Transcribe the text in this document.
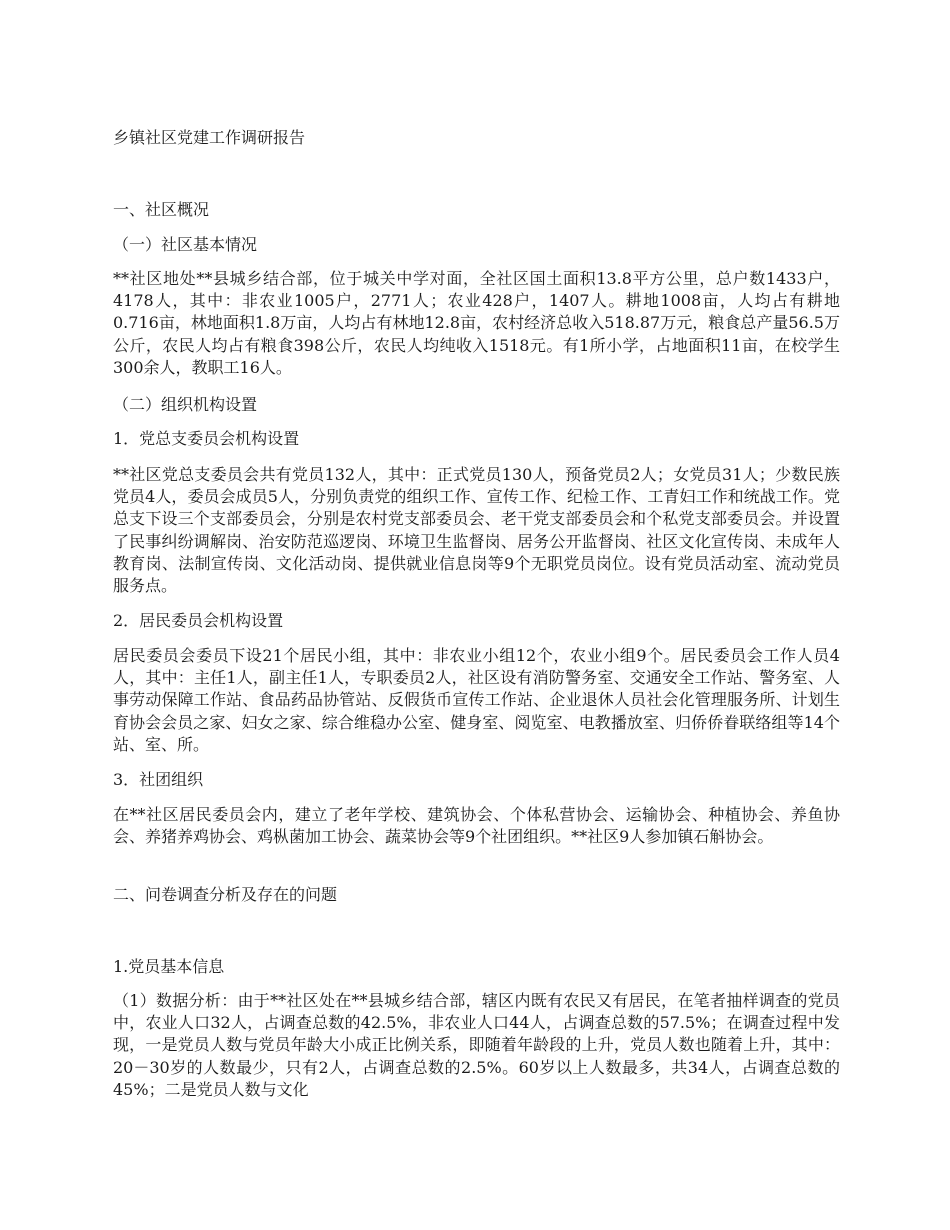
乡镇社区党建工作调研报告
一、社区概况
（一）社区基本情况
**社区地处**县城乡结合部，位于城关中学对面，全社区国土面积13.8平方公里，总户数1433户，4178人，其中：非农业1005户，2771人；农业428户，1407人。耕地1008亩，人均占有耕地0.716亩，林地面积1.8万亩，人均占有林地12.8亩，农村经济总收入518.87万元，粮食总产量56.5万公斤，农民人均占有粮食398公斤，农民人均纯收入1518元。有1所小学，占地面积11亩，在校学生300余人，教职工16人。
（二）组织机构设置
1．党总支委员会机构设置
**社区党总支委员会共有党员132人，其中：正式党员130人，预备党员2人；女党员31人；少数民族党员4人，委员会成员5人，分别负责党的组织工作、宣传工作、纪检工作、工青妇工作和统战工作。党总支下设三个支部委员会，分别是农村党支部委员会、老干党支部委员会和个私党支部委员会。并设置了民事纠纷调解岗、治安防范巡逻岗、环境卫生监督岗、居务公开监督岗、社区文化宣传岗、未成年人教育岗、法制宣传岗、文化活动岗、提供就业信息岗等9个无职党员岗位。设有党员活动室、流动党员服务点。
2．居民委员会机构设置
居民委员会委员下设21个居民小组，其中：非农业小组12个，农业小组9个。居民委员会工作人员4人，其中：主任1人，副主任1人，专职委员2人，社区设有消防警务室、交通安全工作站、警务室、人事劳动保障工作站、食品药品协管站、反假货币宣传工作站、企业退休人员社会化管理服务所、计划生育协会会员之家、妇女之家、综合维稳办公室、健身室、阅览室、电教播放室、归侨侨眷联络组等14个站、室、所。
3．社团组织
在**社区居民委员会内，建立了老年学校、建筑协会、个体私营协会、运输协会、种植协会、养鱼协会、养猪养鸡协会、鸡枞菌加工协会、蔬菜协会等9个社团组织。**社区9人参加镇石斛协会。
二、问卷调查分析及存在的问题
1.党员基本信息
（1）数据分析：由于**社区处在**县城乡结合部，辖区内既有农民又有居民，在笔者抽样调查的党员中，农业人口32人，占调查总数的42.5%，非农业人口44人，占调查总数的57.5%；在调查过程中发现，一是党员人数与党员年龄大小成正比例关系，即随着年龄段的上升，党员人数也随着上升，其中：20－30岁的人数最少，只有2人，占调查总数的2.5%。60岁以上人数最多，共34人，占调查总数的45%；二是党员人数与文化
